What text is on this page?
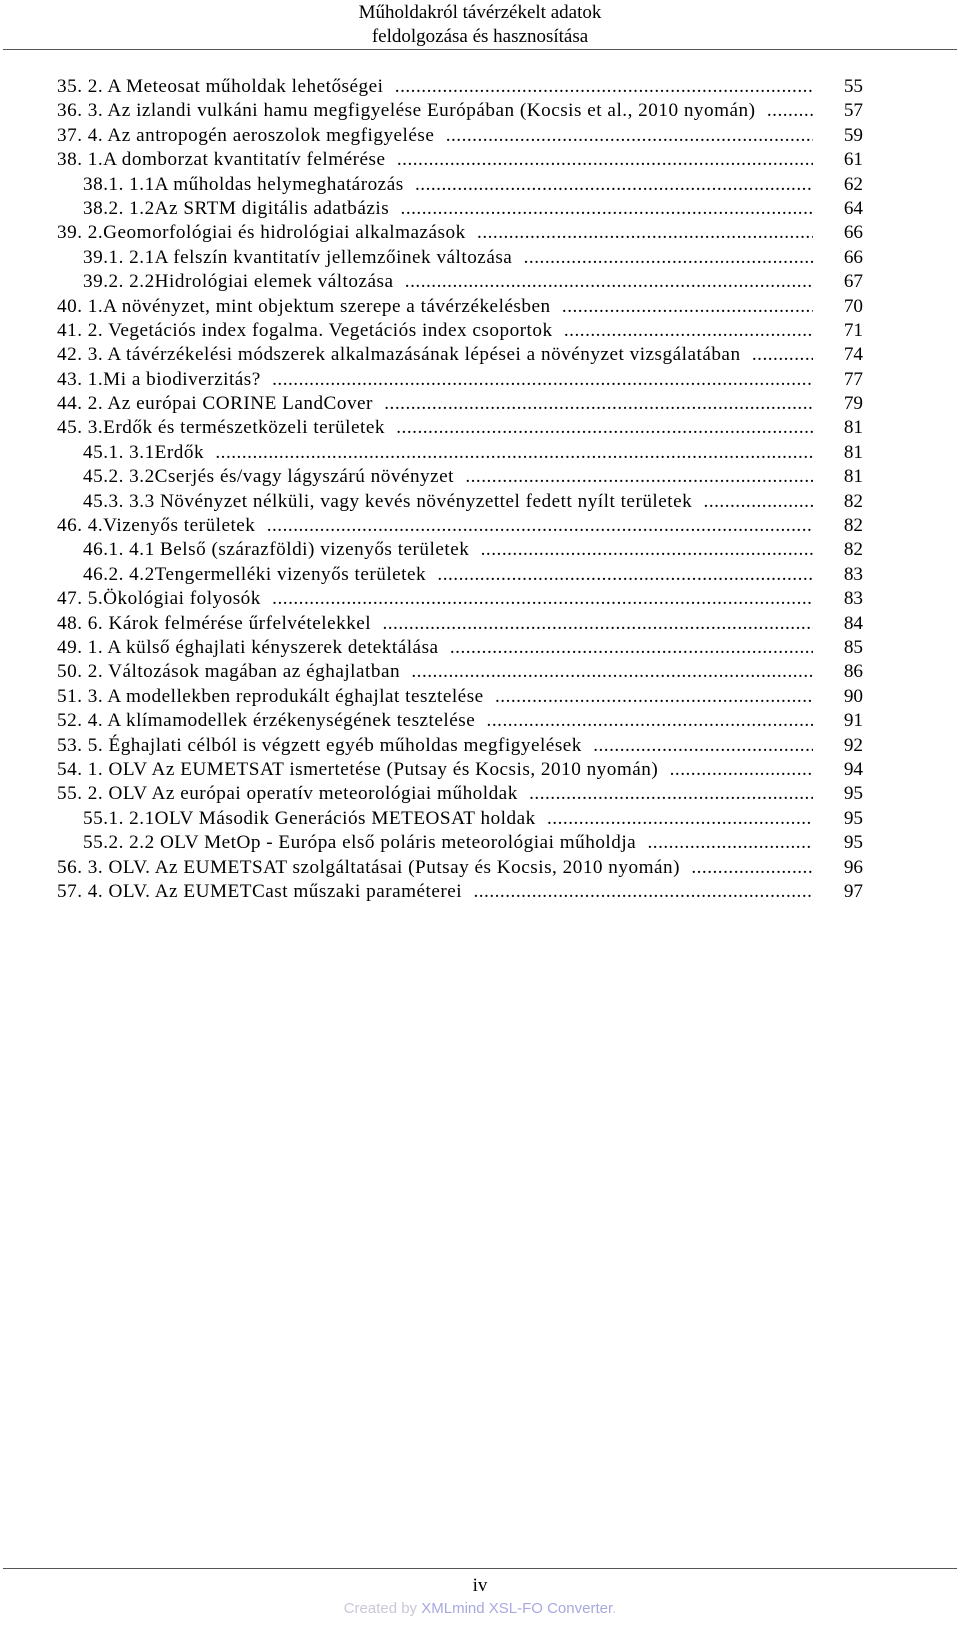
Műholdakról távérzékelt adatok
feldolgozása és hasznosítása
35. 2. A Meteosat műholdak lehetőségei .....	55
36. 3. Az izlandi vulkáni hamu megfigyelése Európában (Kocsis et al., 2010 nyomán) .....	57
37. 4. Az antropogén aeroszolok megfigyelése .....	59
38. 1.A domborzat kvantitatív felmérése .....	61
38.1. 1.1A műholdas helymeghatározás .....	62
38.2. 1.2Az SRTM digitális adatbázis .....	64
39. 2.Geomorfológiai és hidrológiai alkalmazások .....	66
39.1. 2.1A felszín kvantitatív jellemzőinek változása .....	66
39.2. 2.2Hidrológiai elemek változása .....	67
40. 1.A növényzet, mint objektum szerepe a távérzékelésben .....	70
41. 2. Vegetációs index fogalma. Vegetációs index csoportok .....	71
42. 3. A távérzékelési módszerek alkalmazásának lépései a növényzet vizsgálatában .....	74
43. 1.Mi a biodiverzitás? .....	77
44. 2. Az európai CORINE LandCover .....	79
45. 3.Erdők és természetközeli területek .....	81
45.1. 3.1Erdők .....	81
45.2. 3.2Cserjés és/vagy lágyszárú növényzet .....	81
45.3. 3.3 Növényzet nélküli, vagy kevés növényzettel fedett nyílt területek .....	82
46. 4.Vizenyős területek .....	82
46.1. 4.1 Belső (szárazföldi) vizenyős területek .....	82
46.2. 4.2Tengermelléki vizenyős területek .....	83
47. 5.Ökológiai folyosók .....	83
48. 6. Károk felmérése űrfelvételekkel .....	84
49. 1. A külső éghajlati kényszerek detektálása .....	85
50. 2. Változások magában az éghajlatban .....	86
51. 3. A modellekben reprodukált éghajlat tesztelése .....	90
52. 4. A klímamodellek érzékenységének tesztelése .....	91
53. 5. Éghajlati célból is végzett egyéb műholdas megfigyelések .....	92
54. 1. OLV Az EUMETSAT ismertetése (Putsay és Kocsis, 2010 nyomán) .....	94
55. 2. OLV Az európai operatív meteorológiai műholdak .....	95
55.1. 2.1OLV Második Generációs METEOSAT holdak .....	95
55.2. 2.2 OLV MetOp - Európa első poláris meteorológiai műholdja .....	95
56. 3. OLV. Az EUMETSAT szolgáltatásai (Putsay és Kocsis, 2010 nyomán) .....	96
57. 4. OLV. Az EUMETCast műszaki paraméterei .....	97
iv
Created by XMLmind XSL-FO Converter.
